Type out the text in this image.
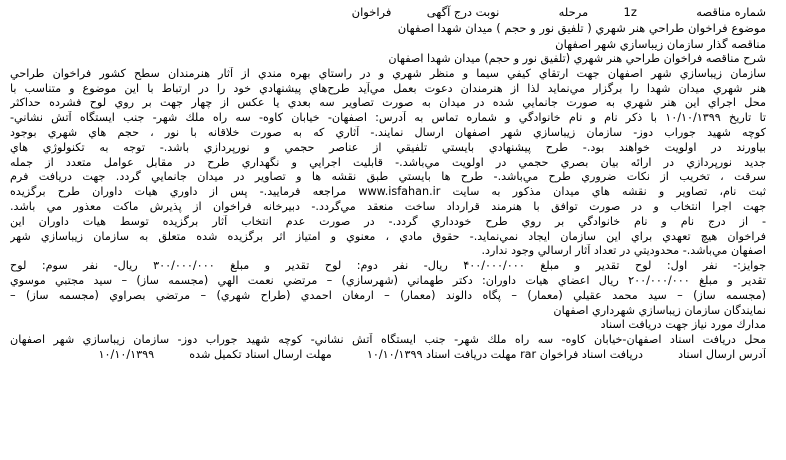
شماره مناقصه  1z  مرحله  نوبت درج آگهی  فراخوان
موضوع فراخوان طراحي هنر شهري ( تلفيق نور و حجم ) ميدان شهدا اصفهان
مناقصه گذار سازمان زيباسازي شهر اصفهان
شرح مناقصه فراخوان طراحي هنر شهري (تلفيق نور و حجم) ميدان شهدا اصفهان
سازمان زيباسازي شهر اصفهان جهت ارتقاي كيفي سيما و منظر شهري و در راستاي بهره مندي از آثار هنرمندان سطح كشور فراخوان طراحي
هنر شهري ميدان شهدا را برگزار مي‌نمايد لذا از هنرمندان دعوت بعمل مي‌آيد طرح‌هاي پيشنهادي خود را در ارتباط با اين موضوع و متناسب با
محل اجراي اين هنر شهري به صورت جانمايي شده در ميدان به صورت تصاوير سه بعدي يا عكس از چهار جهت بر روي لوح فشرده حداكثر
تا تاريخ ۱۰/۱۰/۱۳۹۹ با ذكر نام و نام خانوادگي و شماره تماس به آدرس: اصفهان- خيابان كاوه- سه راه ملك شهر- جنب ايستگاه آتش نشاني-
كوچه شهيد جوراب دوز- سازمان زيباسازي شهر اصفهان ارسال نمايند.- آثاري كه به صورت خلاقانه با نور ، حجم هاي شهري بوجود
بياورند در اولويت خواهند بود.- طرح پيشنهادي بايستي تلفيقي از عناصر حجمي و نورپردازي باشد.- توجه به تكنولوژي هاي
جديد نورپردازي در ارائه بيان بصري حجمي در اولويت مي‌باشد.- قابليت اجرايي و نگهداري طرح در مقابل عوامل متعدد از جمله
سرقت ، تخريب از نكات ضروري طرح مي‌باشد.- طرح ها بايستي طبق نقشه ها و تصاوير در ميدان جانمايي گردد. جهت دريافت فرم
ثبت نام، تصاوير و نقشه هاي ميدان مذكور به سايت www.isfahan.ir مراجعه فرماييد.- پس از داوري هيات داوران طرح برگزيده
جهت اجرا انتخاب و در صورت توافق با هنرمند قرارداد ساخت منعقد مي‌گردد.- دبيرخانه فراخوان از پذيرش ماكت معذور مي باشد.
- از درج نام و نام خانوادگي بر روي طرح خودداري گردد.- در صورت عدم انتخاب آثار برگزيده توسط هيات داوران اين
فراخوان هيچ تعهدي براي اين سازمان ايجاد نمي‌نمايد.- حقوق مادي ، معنوي و امتياز اثر برگزيده شده متعلق به سازمان زيباسازي شهر
اصفهان مي‌باشد.- محدوديتي در تعداد آثار ارسالي وجود ندارد.
جوايز:- نفر اول: لوح تقدير و مبلغ ۴۰۰/۰۰۰/۰۰۰ ريال- نفر دوم: لوح تقدير و مبلغ ۳۰۰/۰۰۰/۰۰۰ ريال- نفر سوم: لوح
تقدير و مبلغ ۲۰۰/۰۰۰/۰۰۰ ريال اعضاي هيات داوران: دكتر طهماني (شهرسازي) – مرتضي نعمت الهي (مجسمه ساز) – سيد مجتبي موسوي
(مجسمه ساز) – سيد محمد عقيلي (معمار) – پگاه دالوند (معمار) – ارمغان احمدي (طراح شهري) – مرتضي بصراوي (مجسمه ساز) –
نمايندگان سازمان زيباسازي شهرداري اصفهان
مدارك مورد نياز جهت دريافت اسناد
محل دريافت اسناد اصفهان-خيابان كاوه- سه راه ملك شهر- جنب ايستگاه آتش نشاني- كوچه شهيد جوراب دوز- سازمان زيباسازي شهر اصفهان
آدرس ارسال اسناد  دريافت اسناد فراخوان rar مهلت دريافت اسناد ۱۰/۱۰/۱۳۹۹  مهلت ارسال اسناد تكميل شده  ۱۰/۱۰/۱۳۹۹
